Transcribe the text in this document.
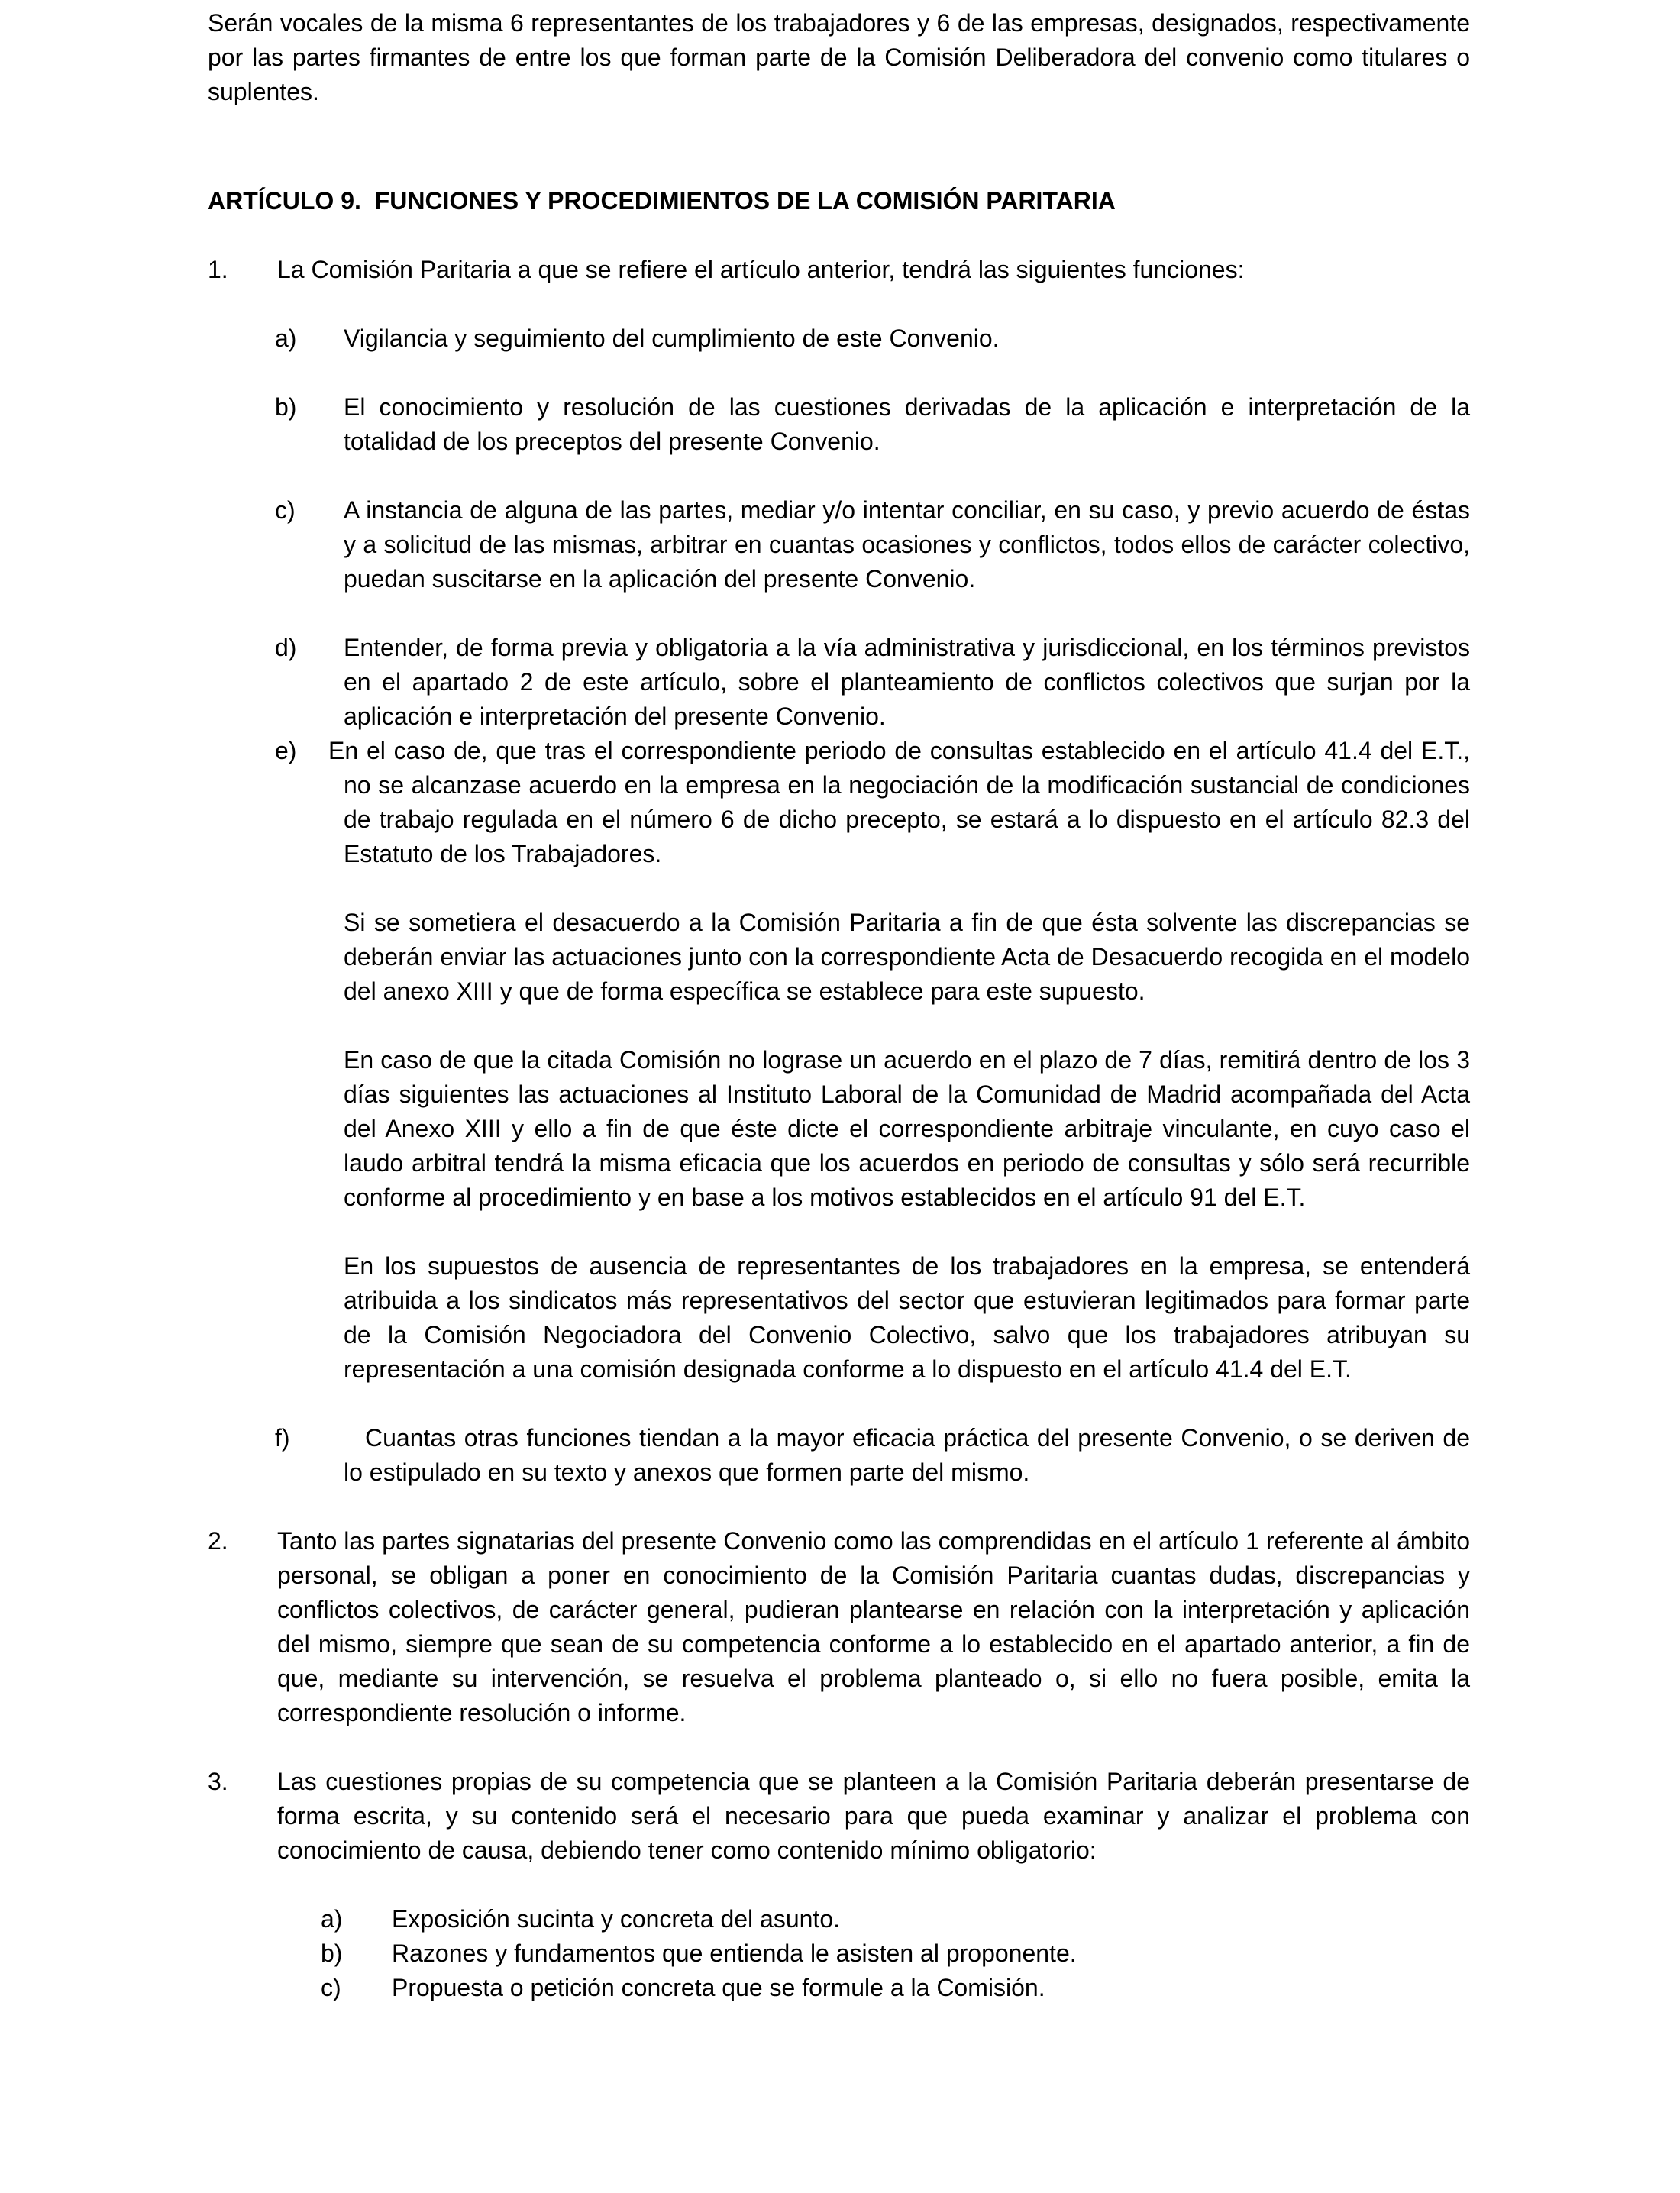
Serán vocales de la misma 6 representantes de los trabajadores y 6 de las empresas, designados, respectivamente por las partes firmantes de entre los que forman parte de la Comisión Deliberadora del convenio como titulares o suplentes.

ARTÍCULO 9.  FUNCIONES Y PROCEDIMIENTOS DE LA COMISIÓN PARITARIA
1.	La Comisión Paritaria a que se refiere el artículo anterior, tendrá las siguientes funciones:
a)	Vigilancia y seguimiento del cumplimiento de este Convenio.
b)	El conocimiento y resolución de las cuestiones derivadas de la aplicación e interpretación de la totalidad de los preceptos del presente Convenio.
c)	A instancia de alguna de las partes, mediar y/o intentar conciliar, en su caso, y previo acuerdo de éstas y a solicitud de las mismas, arbitrar en cuantas ocasiones y conflictos, todos ellos de carácter colectivo, puedan suscitarse en la aplicación del presente Convenio.
d)	Entender, de forma previa y obligatoria a la vía administrativa y jurisdiccional, en los términos previstos en el apartado 2 de este artículo, sobre el planteamiento de conflictos colectivos que surjan por la aplicación e interpretación del presente Convenio.
e)	En el caso de, que tras el correspondiente periodo de consultas establecido en el artículo 41.4 del E.T., no se alcanzase acuerdo en la empresa en la negociación de la modificación sustancial de condiciones de trabajo regulada en el número 6 de dicho precepto, se estará a lo dispuesto en el artículo 82.3 del Estatuto de los Trabajadores.
Si se sometiera el desacuerdo a la Comisión Paritaria a fin de que ésta solvente las discrepancias se deberán enviar las actuaciones junto con la correspondiente Acta de Desacuerdo recogida en el modelo del anexo XIII y que de forma específica se establece para este supuesto.
En caso de que la citada Comisión no lograse un acuerdo en el plazo de 7 días, remitirá dentro de los 3 días siguientes las actuaciones al Instituto Laboral de la Comunidad de Madrid acompañada del Acta del Anexo XIII y ello a fin de que éste dicte el correspondiente arbitraje vinculante, en cuyo caso el laudo arbitral tendrá la misma eficacia que los acuerdos en periodo de consultas y sólo será recurrible conforme al procedimiento y en base a los motivos establecidos en el artículo 91 del E.T.
En los supuestos de ausencia de representantes de los trabajadores en la empresa, se entenderá atribuida a los sindicatos más representativos del sector que estuvieran legitimados para formar parte de la Comisión Negociadora del Convenio Colectivo, salvo que los trabajadores atribuyan su representación a una comisión designada conforme a lo dispuesto en el artículo 41.4 del E.T.
f)	Cuantas otras funciones tiendan a la mayor eficacia práctica del presente Convenio, o se deriven de lo estipulado en su texto y anexos que formen parte del mismo.
2.	Tanto las partes signatarias del presente Convenio como las comprendidas en el artículo 1 referente al ámbito personal, se obligan a poner en conocimiento de la Comisión Paritaria cuantas dudas, discrepancias y conflictos colectivos, de carácter general, pudieran plantearse en relación con la interpretación y aplicación del mismo, siempre que sean de su competencia conforme a lo establecido en el apartado anterior, a fin de que, mediante su intervención, se resuelva el problema planteado o, si ello no fuera posible, emita la correspondiente resolución o informe.
3.	Las cuestiones propias de su competencia que se planteen a la Comisión Paritaria deberán presentarse de forma escrita, y su contenido será el necesario para que pueda examinar y analizar el problema con conocimiento de causa, debiendo tener como contenido mínimo obligatorio:
a)	Exposición sucinta y concreta del asunto.
b)	Razones y fundamentos que entienda le asisten al proponente.
c)	Propuesta o petición concreta que se formule a la Comisión.
